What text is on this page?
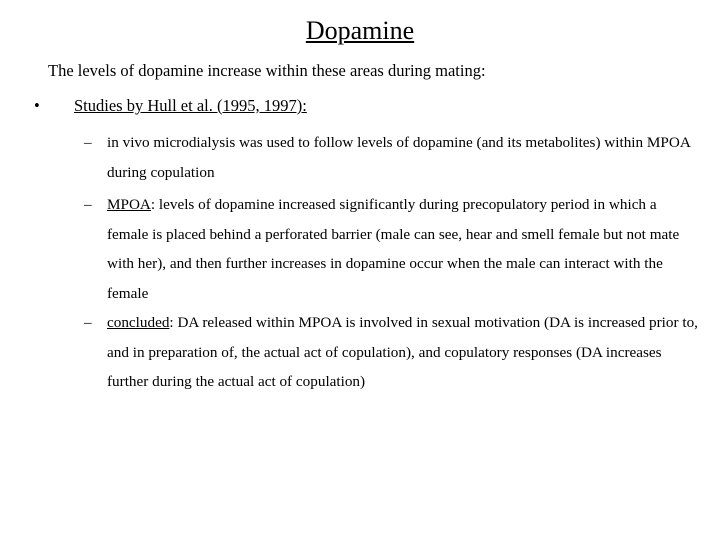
Dopamine
The levels of dopamine increase within these areas during mating:
• Studies by Hull et al. (1995, 1997):
– in vivo microdialysis was used to follow levels of dopamine (and its metabolites) within MPOA during copulation
– MPOA: levels of dopamine increased significantly during precopulatory period in which a female is placed behind a perforated barrier (male can see, hear and smell female but not mate with her), and then further increases in dopamine occur when the male can interact with the female
– concluded: DA released within MPOA is involved in sexual motivation (DA is increased prior to, and in preparation of, the actual act of copulation), and copulatory responses (DA increases further during the actual act of copulation)
